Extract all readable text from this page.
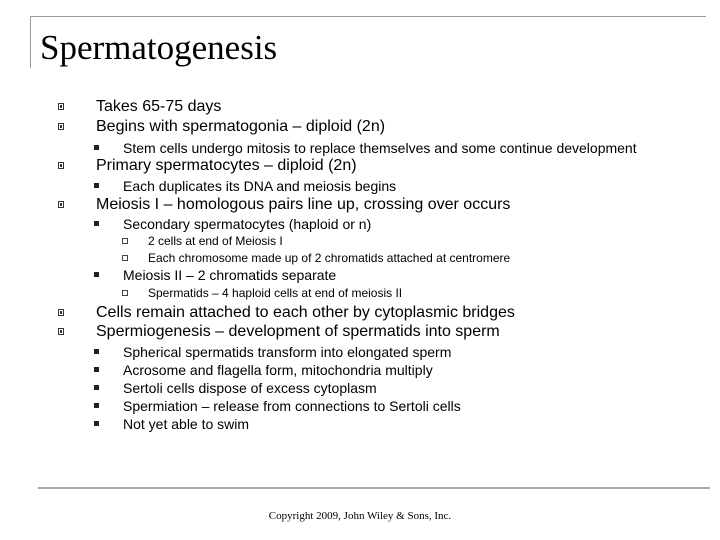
Spermatogenesis
Takes 65-75 days
Begins with spermatogonia – diploid (2n)
Stem cells undergo mitosis to replace themselves and some continue development
Primary spermatocytes – diploid (2n)
Each duplicates its DNA and meiosis begins
Meiosis I – homologous pairs line up, crossing over occurs
Secondary spermatocytes (haploid or n)
2 cells at end of Meiosis I
Each chromosome made up of 2 chromatids attached at centromere
Meiosis II – 2 chromatids separate
Spermatids – 4 haploid cells at end of meiosis II
Cells remain attached to each other by cytoplasmic bridges
Spermiogenesis – development of spermatids into sperm
Spherical spermatids transform into elongated sperm
Acrosome and flagella form, mitochondria multiply
Sertoli cells dispose of excess cytoplasm
Spermiation – release from connections to Sertoli cells
Not yet able to swim
Copyright 2009, John Wiley & Sons, Inc.
